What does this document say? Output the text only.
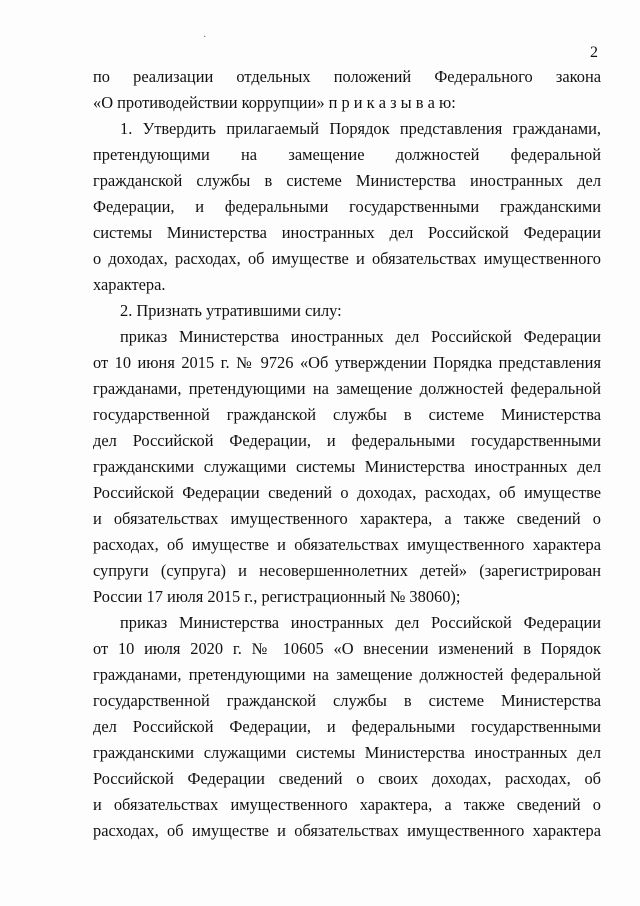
·
2
по реализации отдельных положений Федерального закона
«О противодействии коррупции» п р и к а з ы в а ю:
1. Утвердить прилагаемый Порядок представления гражданами,
претендующими на замещение должностей федеральной
гражданской службы в системе Министерства иностранных дел
Федерации, и федеральными государственными гражданскими
системы Министерства иностранных дел Российской Федерации
о доходах, расходах, об имуществе и обязательствах имущественного
характера.
2. Признать утратившими силу:
приказ Министерства иностранных дел Российской Федерации
от 10 июня 2015 г. № 9726 «Об утверждении Порядка представления
гражданами, претендующими на замещение должностей федеральной
государственной гражданской службы в системе Министерства
дел Российской Федерации, и федеральными государственными
гражданскими служащими системы Министерства иностранных дел
Российской Федерации сведений о доходах, расходах, об имуществе
и обязательствах имущественного характера, а также сведений о
расходах, об имуществе и обязательствах имущественного характера
супруги (супруга) и несовершеннолетних детей» (зарегистрирован
России 17 июля 2015 г., регистрационный № 38060);
приказ Министерства иностранных дел Российской Федерации
от 10 июля 2020 г. № 10605 «О внесении изменений в Порядок
гражданами, претендующими на замещение должностей федеральной
государственной гражданской службы в системе Министерства
дел Российской Федерации, и федеральными государственными
гражданскими служащими системы Министерства иностранных дел
Российской Федерации сведений о своих доходах, расходах, об
и обязательствах имущественного характера, а также сведений о
расходах, об имуществе и обязательствах имущественного характера
